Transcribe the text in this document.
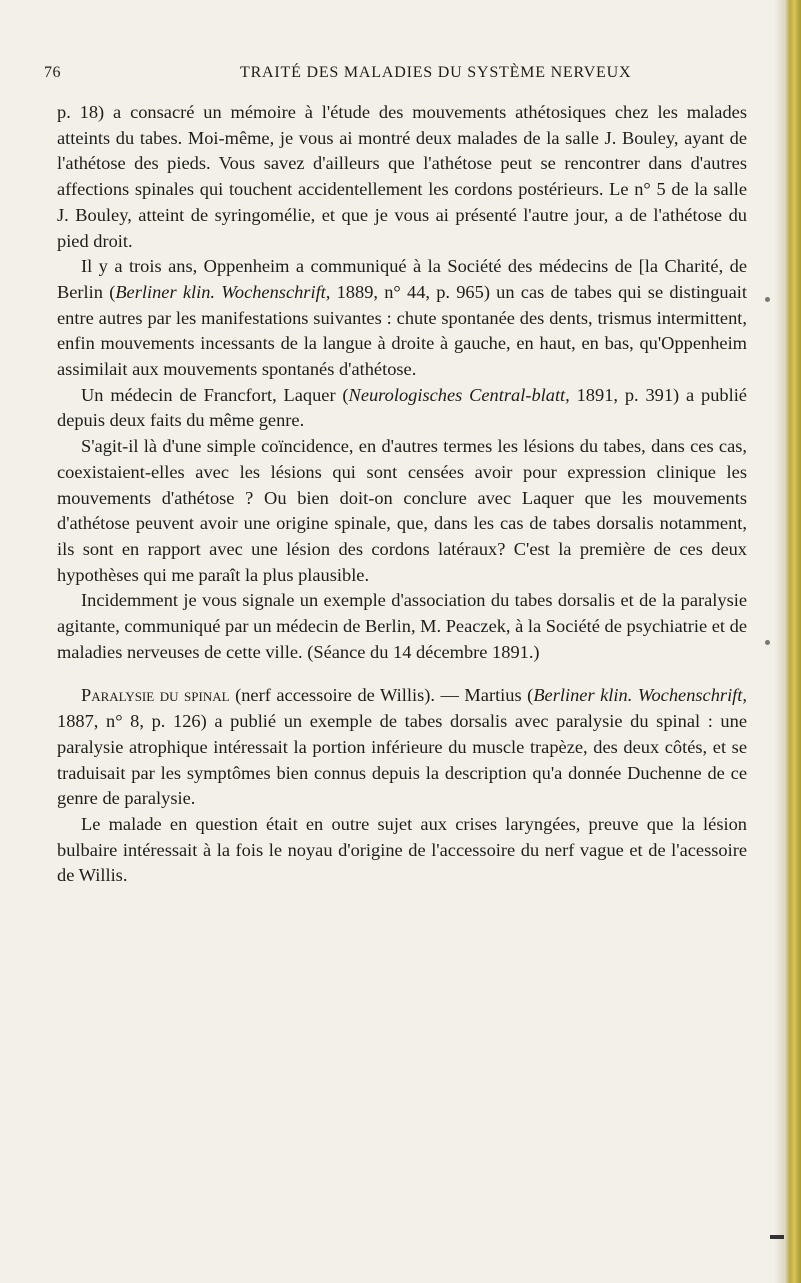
76	TRAITÉ DES MALADIES DU SYSTÈME NERVEUX

p. 18) a consacré un mémoire à l'étude des mouvements athétosiques chez les malades atteints du tabes. Moi-même, je vous ai montré deux malades de la salle J. Bouley, ayant de l'athétose des pieds. Vous savez d'ailleurs que l'athétose peut se rencontrer dans d'autres affections spinales qui touchent accidentellement les cordons postérieurs. Le n° 5 de la salle J. Bouley, atteint de syringomélie, et que je vous ai présenté l'autre jour, a de l'athétose du pied droit.

Il y a trois ans, Oppenheim a communiqué à la Société des médecins de [la Charité, de Berlin (Berliner klin. Wochenschrift, 1889, n° 44, p. 965) un cas de tabes qui se distinguait entre autres par les manifestations suivantes : chute spontanée des dents, trismus intermittent, enfin mouvements incessants de la langue à droite à gauche, en haut, en bas, qu'Oppenheim assimilait aux mouvements spontanés d'athétose.

Un médecin de Francfort, Laquer (Neurologisches Central-blatt, 1891, p. 391) a publié depuis deux faits du même genre.

S'agit-il là d'une simple coïncidence, en d'autres termes les lésions du tabes, dans ces cas, coexistaient-elles avec les lésions qui sont censées avoir pour expression clinique les mouvements d'athétose ? Ou bien doit-on conclure avec Laquer que les mouvements d'athétose peuvent avoir une origine spinale, que, dans les cas de tabes dorsalis notamment, ils sont en rapport avec une lésion des cordons latéraux? C'est la première de ces deux hypothèses qui me paraît la plus plausible.

Incidemment je vous signale un exemple d'association du tabes dorsalis et de la paralysie agitante, communiqué par un médecin de Berlin, M. Peaczek, à la Société de psychiatrie et de maladies nerveuses de cette ville. (Séance du 14 décembre 1891.)

Paralysie du spinal (nerf accessoire de Willis). — Martius (Berliner klin. Wochenschrift, 1887, n° 8, p. 126) a publié un exemple de tabes dorsalis avec paralysie du spinal : une paralysie atrophique intéressait la portion inférieure du muscle trapèze, des deux côtés, et se traduisait par les symptômes bien connus depuis la description qu'a donnée Duchenne de ce genre de paralysie.

Le malade en question était en outre sujet aux crises laryngées, preuve que la lésion bulbaire intéressait à la fois le noyau d'origine de l'accessoire du nerf vague et de l'acessoire de Willis.
